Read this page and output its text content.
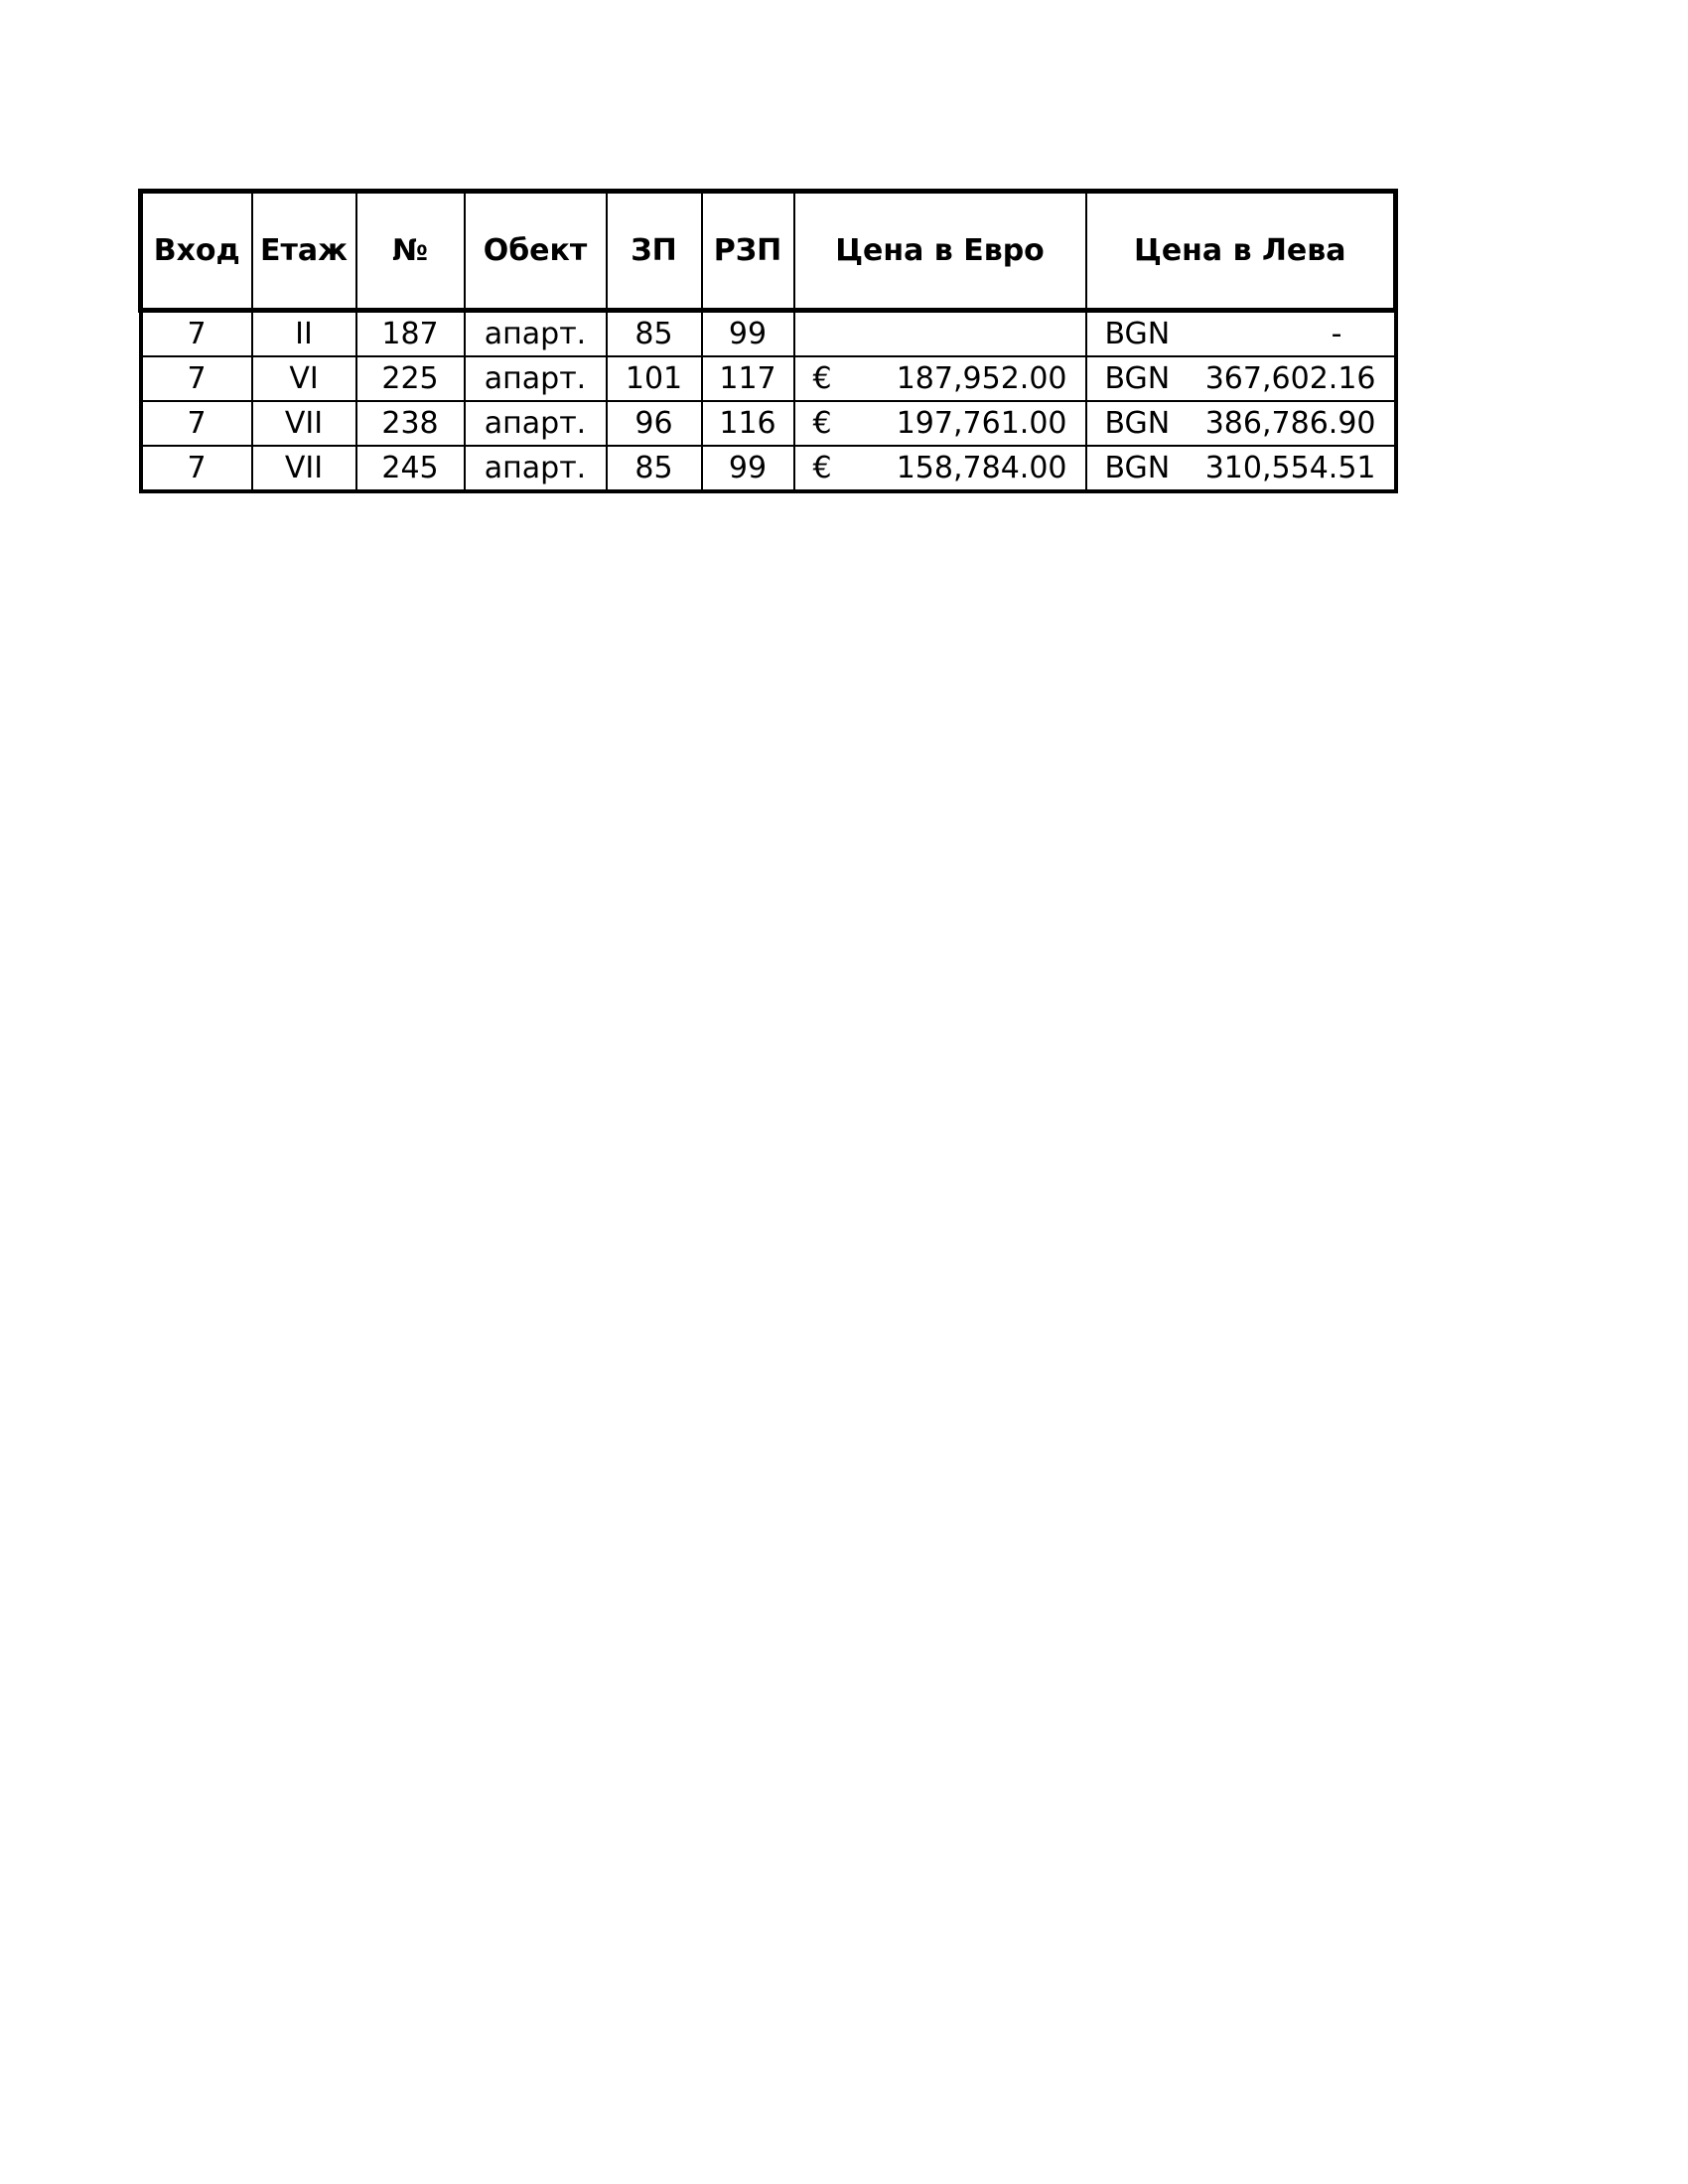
Вход	Етаж	№	Обект	ЗП	РЗП	Цена в Евро	Цена в Лева
7	II	187	апарт.	85	99		BGN -

7	VI	225	апарт.	101	117	€ 187,952.00	BGN 367,602.16

7	VII	238	апарт.	96	116	€ 197,761.00	BGN 386,786.90

7	VII	245	апарт.	85	99	€ 158,784.00	BGN 310,554.51
